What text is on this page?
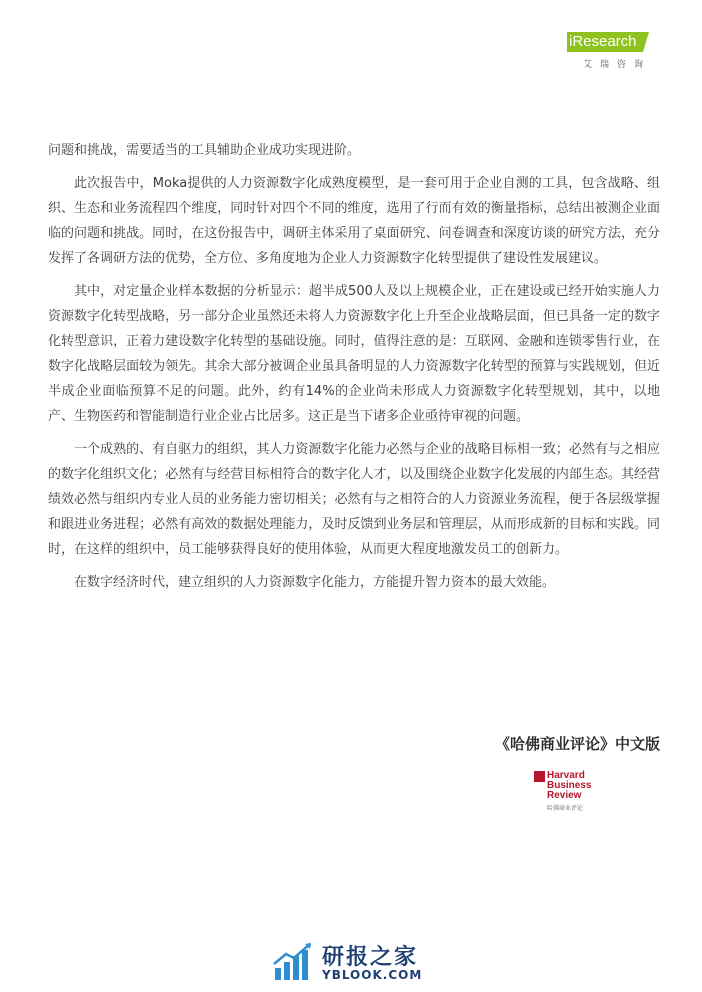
iResearch
艾瑞咨询

问题和挑战，需要适当的工具辅助企业成功实现进阶。

此次报告中，Moka提供的人力资源数字化成熟度模型，是一套可用于企业自测的工具，包含战略、组织、生态和业务流程四个维度，同时针对四个不同的维度，选用了行而有效的衡量指标，总结出被测企业面临的问题和挑战。同时，在这份报告中，调研主体采用了桌面研究、问卷调查和深度访谈的研究方法，充分发挥了各调研方法的优势，全方位、多角度地为企业人力资源数字化转型提供了建设性发展建议。

其中，对定量企业样本数据的分析显示：超半成500人及以上规模企业，正在建设或已经开始实施人力资源数字化转型战略，另一部分企业虽然还未将人力资源数字化上升至企业战略层面，但已具备一定的数字化转型意识，正着力建设数字化转型的基础设施。同时，值得注意的是：互联网、金融和连锁零售行业，在数字化战略层面较为领先。其余大部分被调企业虽具备明显的人力资源数字化转型的预算与实践规划，但近半成企业面临预算不足的问题。此外，约有14%的企业尚未形成人力资源数字化转型规划，其中，以地产、生物医药和智能制造行业企业占比居多。这正是当下诸多企业亟待审视的问题。

一个成熟的、有自驱力的组织，其人力资源数字化能力必然与企业的战略目标相一致；必然有与之相应的数字化组织文化；必然有与经营目标相符合的数字化人才，以及围绕企业数字化发展的内部生态。其经营绩效必然与组织内专业人员的业务能力密切相关；必然有与之相符合的人力资源业务流程，便于各层级掌握和跟进业务进程；必然有高效的数据处理能力，及时反馈到业务层和管理层，从而形成新的目标和实践。同时，在这样的组织中，员工能够获得良好的使用体验，从而更大程度地激发员工的创新力。

在数字经济时代，建立组织的人力资源数字化能力，方能提升智力资本的最大效能。

《哈佛商业评论》中文版
Harvard
Business
Review
哈佛商业评论
研报之家
YBLOOK.COM
